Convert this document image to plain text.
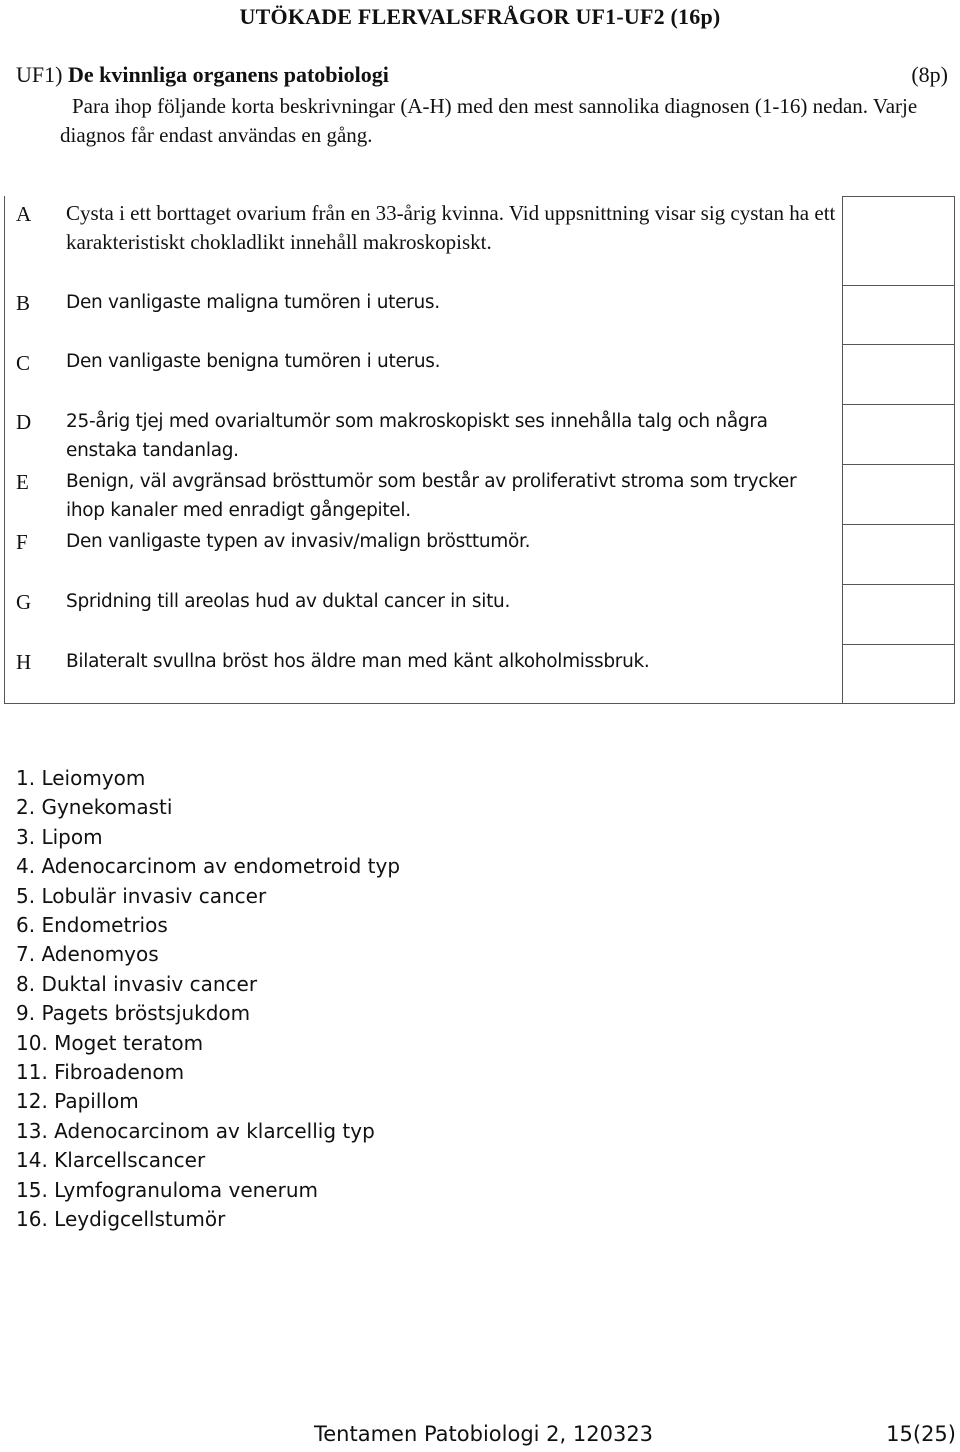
UTÖKADE FLERVALSFRÅGOR UF1-UF2 (16p)
UF1) De kvinnliga organens patobiologi	(8p)
Para ihop följande korta beskrivningar (A-H) med den mest sannolika diagnosen (1-16) nedan. Varje diagnos får endast användas en gång.
A Cysta i ett borttaget ovarium från en 33-årig kvinna. Vid uppsnittning visar sig cystan ha ett karakteristiskt chokladlikt innehåll makroskopiskt.
B Den vanligaste maligna tumören i uterus.
C Den vanligaste benigna tumören i uterus.
D 25-årig tjej med ovarialtumör som makroskopiskt ses innehålla talg och några enstaka tandanlag.
E Benign, väl avgränsad brösttumör som består av proliferativt stroma som trycker ihop kanaler med enradigt gångepitel.
F Den vanligaste typen av invasiv/malign brösttumör.
G Spridning till areolas hud av duktal cancer in situ.
H Bilateralt svullna bröst hos äldre man med känt alkoholmissbruk.
1. Leiomyom
2. Gynekomasti
3. Lipom
4. Adenocarcinom av endometroid typ
5. Lobulär invasiv cancer
6. Endometrios
7. Adenomyos
8. Duktal invasiv cancer
9. Pagets bröstsjukdom
10. Moget teratom
11. Fibroadenom
12. Papillom
13. Adenocarcinom av klarcellig typ
14. Klarcellscancer
15. Lymfogranuloma venerum
16. Leydigcellstumör
Tentamen Patobiologi 2, 120323	15(25)
